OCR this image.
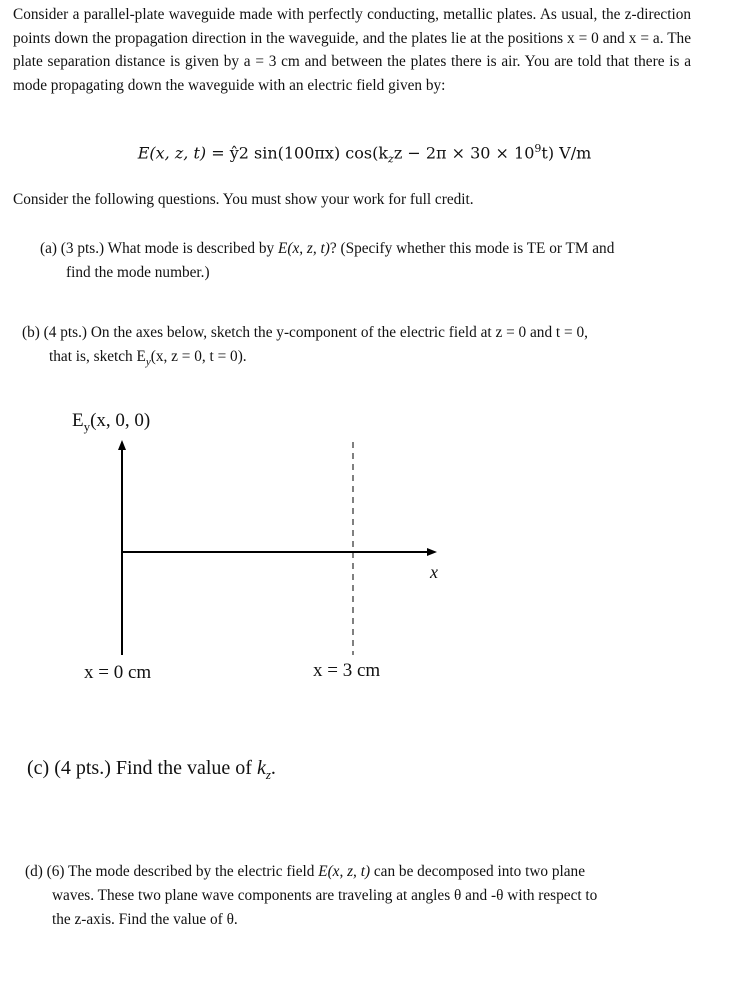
Consider a parallel-plate waveguide made with perfectly conducting, metallic plates. As usual, the z-direction points down the propagation direction in the waveguide, and the plates lie at the positions x = 0 and x = a. The plate separation distance is given by a = 3 cm and between the plates there is air. You are told that there is a mode propagating down the waveguide with an electric field given by:
E(x, z, t) = ŷ2 sin(100πx) $\cos(k_zz - 2\pi \times 30 \times 10^9t)$ V/m
Consider the following questions. You must show your work for full credit.
(a) (3 pts.) What mode is described by E(x, z, t)? (Specify whether this mode is TE or TM and
find the mode number.)
(b) (4 pts.) On the axes below, sketch the y-component of the electric field at z = 0 and t = 0,
that is, sketch $E_y(x$, z = 0, t = 0).
$E_y(x$, 0, 0)
x
x = 0 cm	x = 3 cm
(c) (4 pts.) Find the value of $k_z$.
(d) (6) The mode described by the electric field E(x, z, t) can be decomposed into two plane
waves. These two plane wave components are traveling at angles θ and -θ with respect to
the z-axis. Find the value of θ.
